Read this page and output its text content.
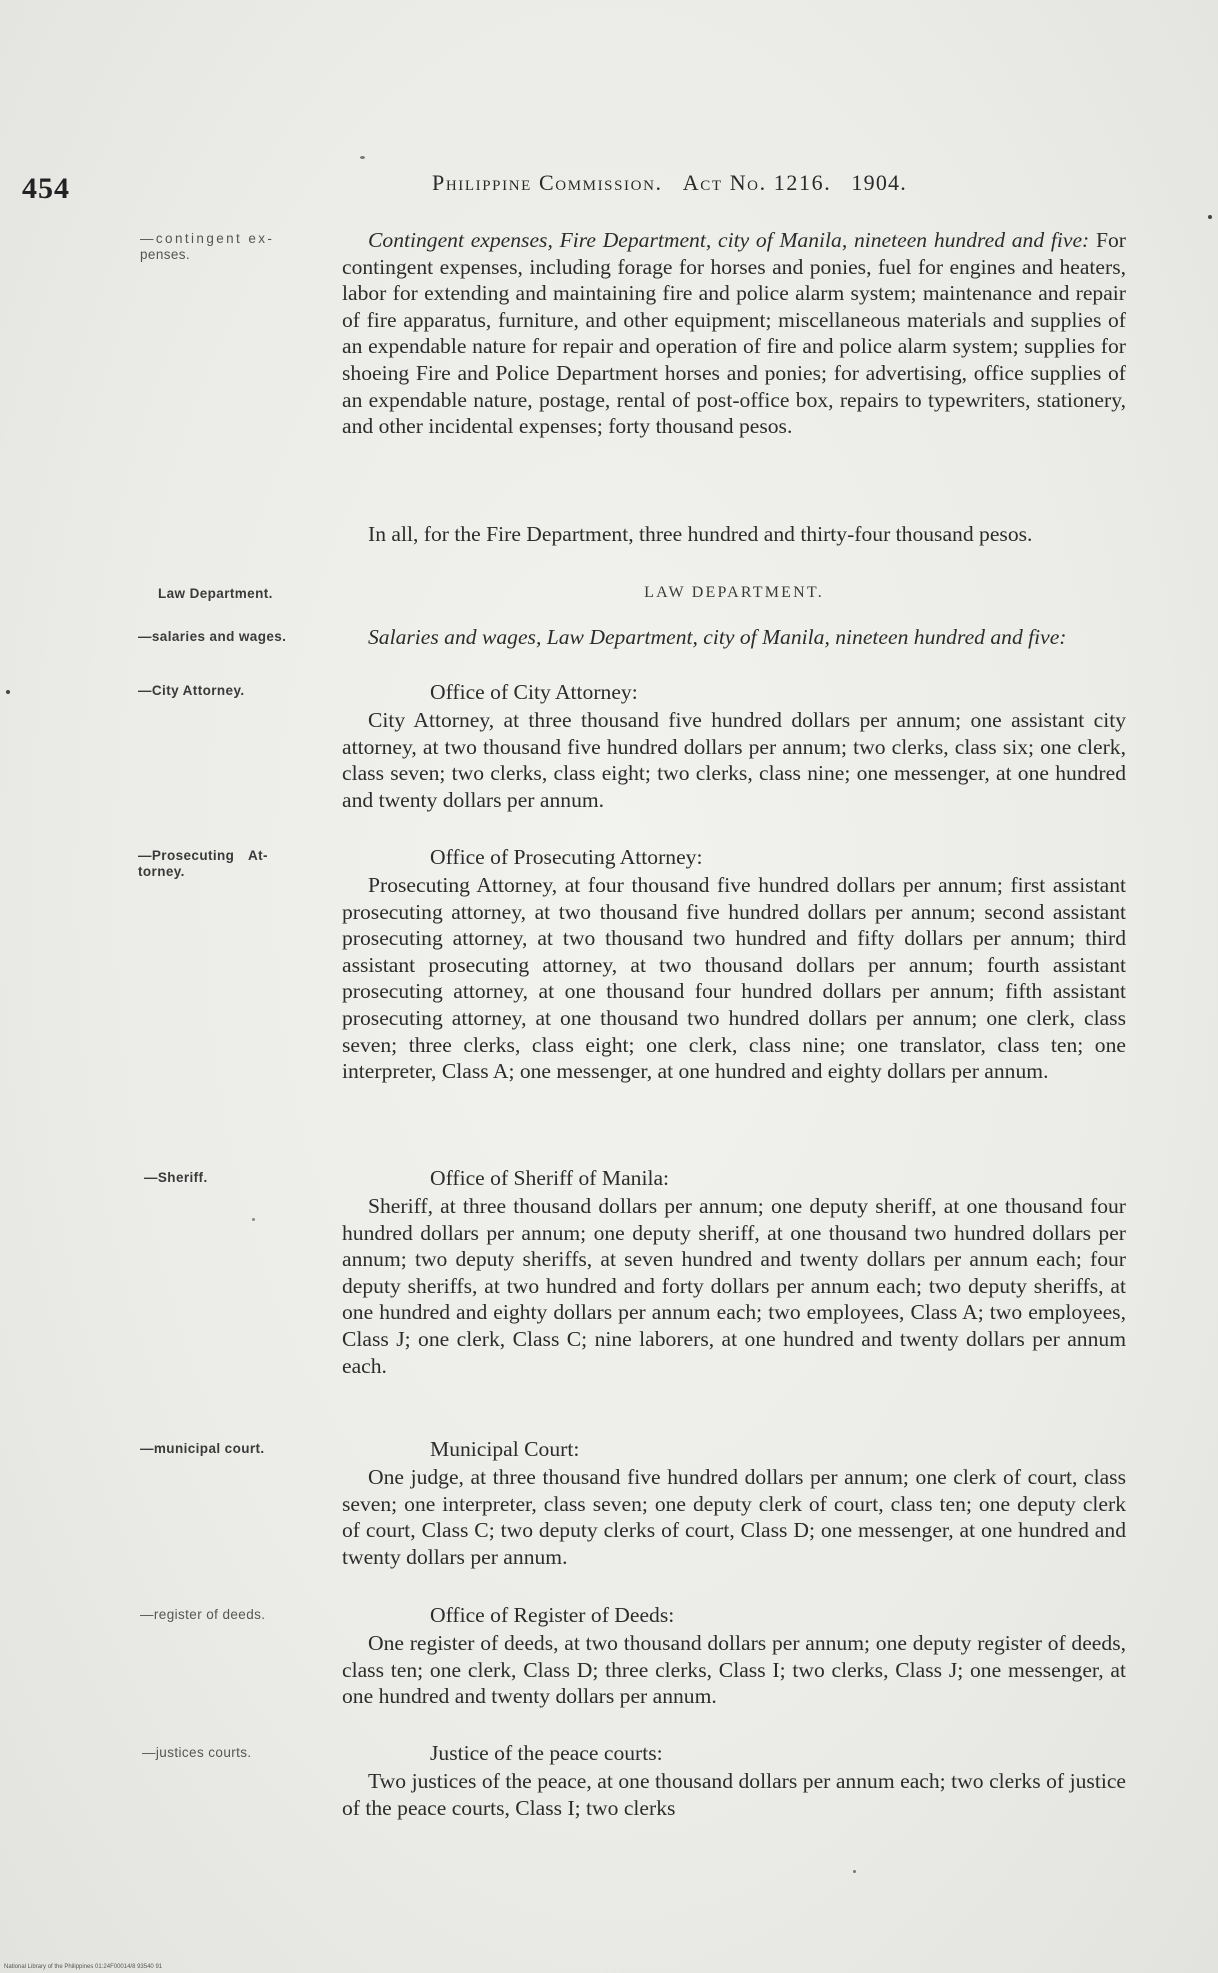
454	Philippine Commission. Act No. 1216. 1904.
—contingent ex-
penses.
Law Department.
—salaries and wages.
—City Attorney.
—Prosecuting At-
torney.
—Sheriff.
—municipal court.
—register of deeds.
—justices courts.

Contingent expenses, Fire Department, city of Manila, nineteen hundred and five: For contingent expenses, including forage for horses and ponies, fuel for engines and heaters, labor for extending and maintaining fire and police alarm system; maintenance and repair of fire apparatus, furniture, and other equipment; miscellaneous materials and supplies of an expendable nature for repair and operation of fire and police alarm system; supplies for shoeing Fire and Police Department horses and ponies; for advertising, office supplies of an expendable nature, postage, rental of post-office box, repairs to typewriters, stationery, and other incidental expenses; forty thousand pesos.

In all, for the Fire Department, three hundred and thirty-four thousand pesos.

LAW DEPARTMENT.

Salaries and wages, Law Department, city of Manila, nineteen hundred and five:

Office of City Attorney:

City Attorney, at three thousand five hundred dollars per annum; one assistant city attorney, at two thousand five hundred dollars per annum; two clerks, class six; one clerk, class seven; two clerks, class eight; two clerks, class nine; one messenger, at one hundred and twenty dollars per annum.

Office of Prosecuting Attorney:

Prosecuting Attorney, at four thousand five hundred dollars per annum; first assistant prosecuting attorney, at two thousand five hundred dollars per annum; second assistant prosecuting attorney, at two thousand two hundred and fifty dollars per annum; third assistant prosecuting attorney, at two thousand dollars per annum; fourth assistant prosecuting attorney, at one thousand four hundred dollars per annum; fifth assistant prosecuting attorney, at one thousand two hundred dollars per annum; one clerk, class seven; three clerks, class eight; one clerk, class nine; one translator, class ten; one interpreter, Class A; one messenger, at one hundred and eighty dollars per annum.

Office of Sheriff of Manila:

Sheriff, at three thousand dollars per annum; one deputy sheriff, at one thousand four hundred dollars per annum; one deputy sheriff, at one thousand two hundred dollars per annum; two deputy sheriffs, at seven hundred and twenty dollars per annum each; four deputy sheriffs, at two hundred and forty dollars per annum each; two deputy sheriffs, at one hundred and eighty dollars per annum each; two employees, Class A; two employees, Class J; one clerk, Class C; nine laborers, at one hundred and twenty dollars per annum each.

Municipal Court:

One judge, at three thousand five hundred dollars per annum; one clerk of court, class seven; one interpreter, class seven; one deputy clerk of court, class ten; one deputy clerk of court, Class C; two deputy clerks of court, Class D; one messenger, at one hundred and twenty dollars per annum.

Office of Register of Deeds:

One register of deeds, at two thousand dollars per annum; one deputy register of deeds, class ten; one clerk, Class D; three clerks, Class I; two clerks, Class J; one messenger, at one hundred and twenty dollars per annum.

Justice of the peace courts:

Two justices of the peace, at one thousand dollars per annum each; two clerks of justice of the peace courts, Class I; two clerks

National Library of the Philippines 01:24F00014/8 93540 91
